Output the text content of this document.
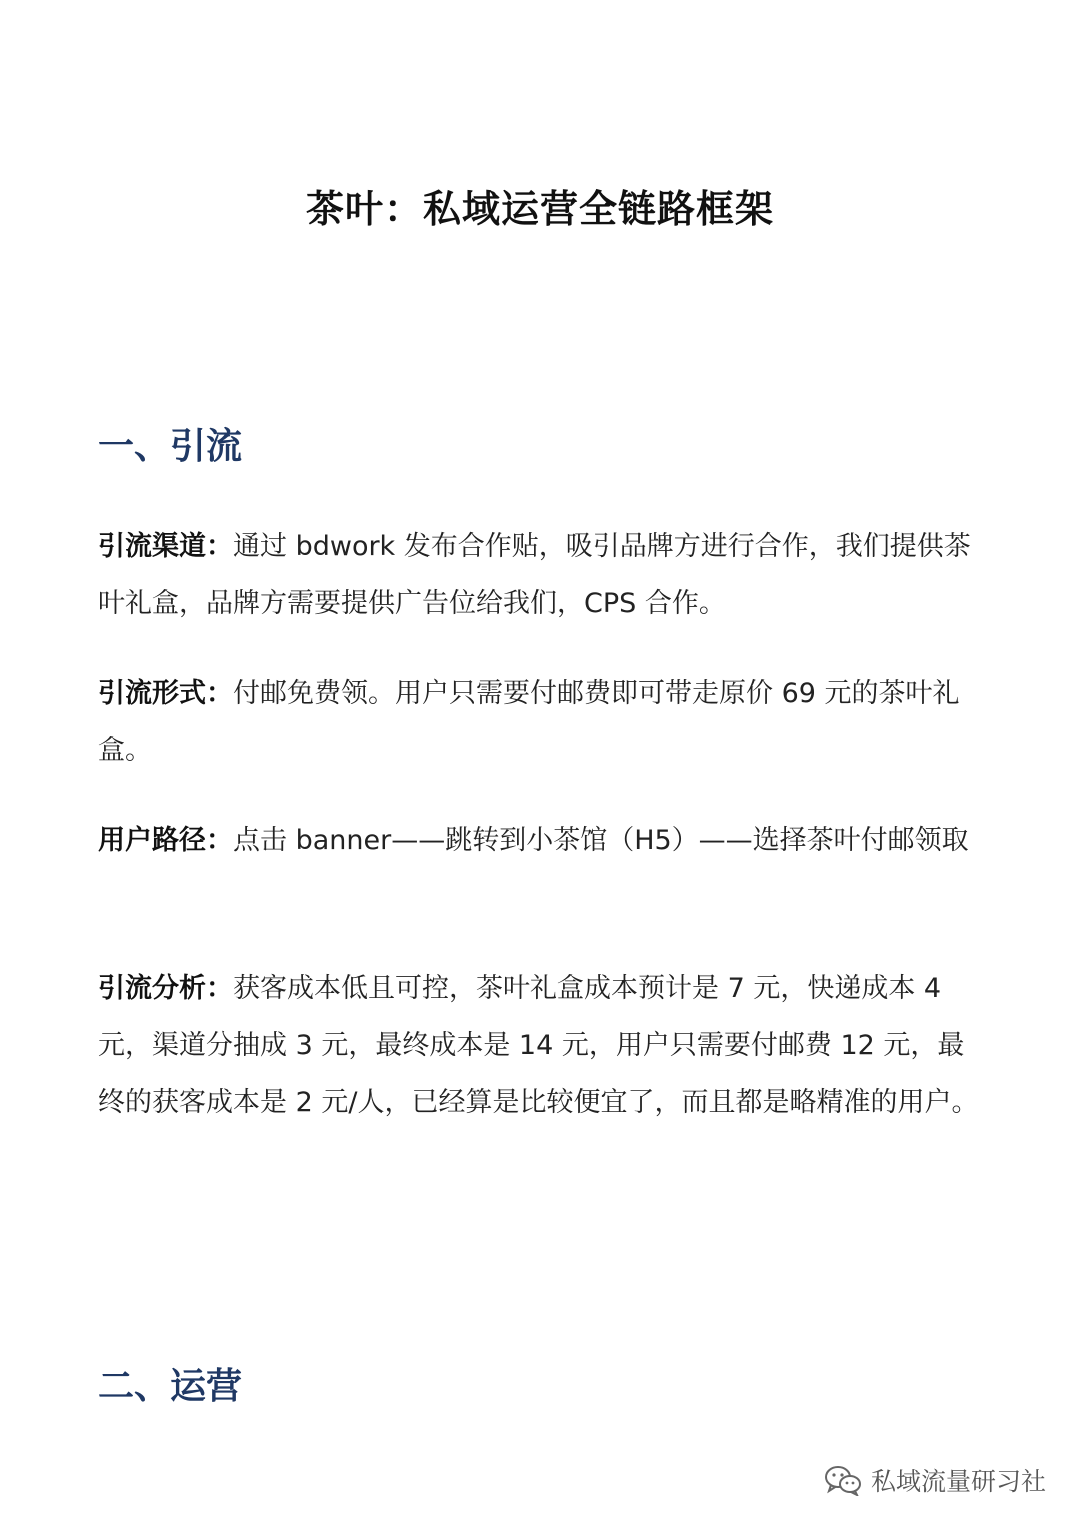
茶叶：私域运营全链路框架
一、引流
引流渠道：通过 bdwork 发布合作贴，吸引品牌方进行合作，我们提供茶叶礼盒，品牌方需要提供广告位给我们，CPS 合作。
引流形式：付邮免费领。用户只需要付邮费即可带走原价 69 元的茶叶礼盒。
用户路径：点击 banner——跳转到小茶馆（H5）——选择茶叶付邮领取
引流分析：获客成本低且可控，茶叶礼盒成本预计是 7 元，快递成本 4 元，渠道分抽成 3 元，最终成本是 14 元，用户只需要付邮费 12 元，最终的获客成本是 2 元/人，已经算是比较便宜了，而且都是略精准的用户。
二、运营
私域流量研习社
